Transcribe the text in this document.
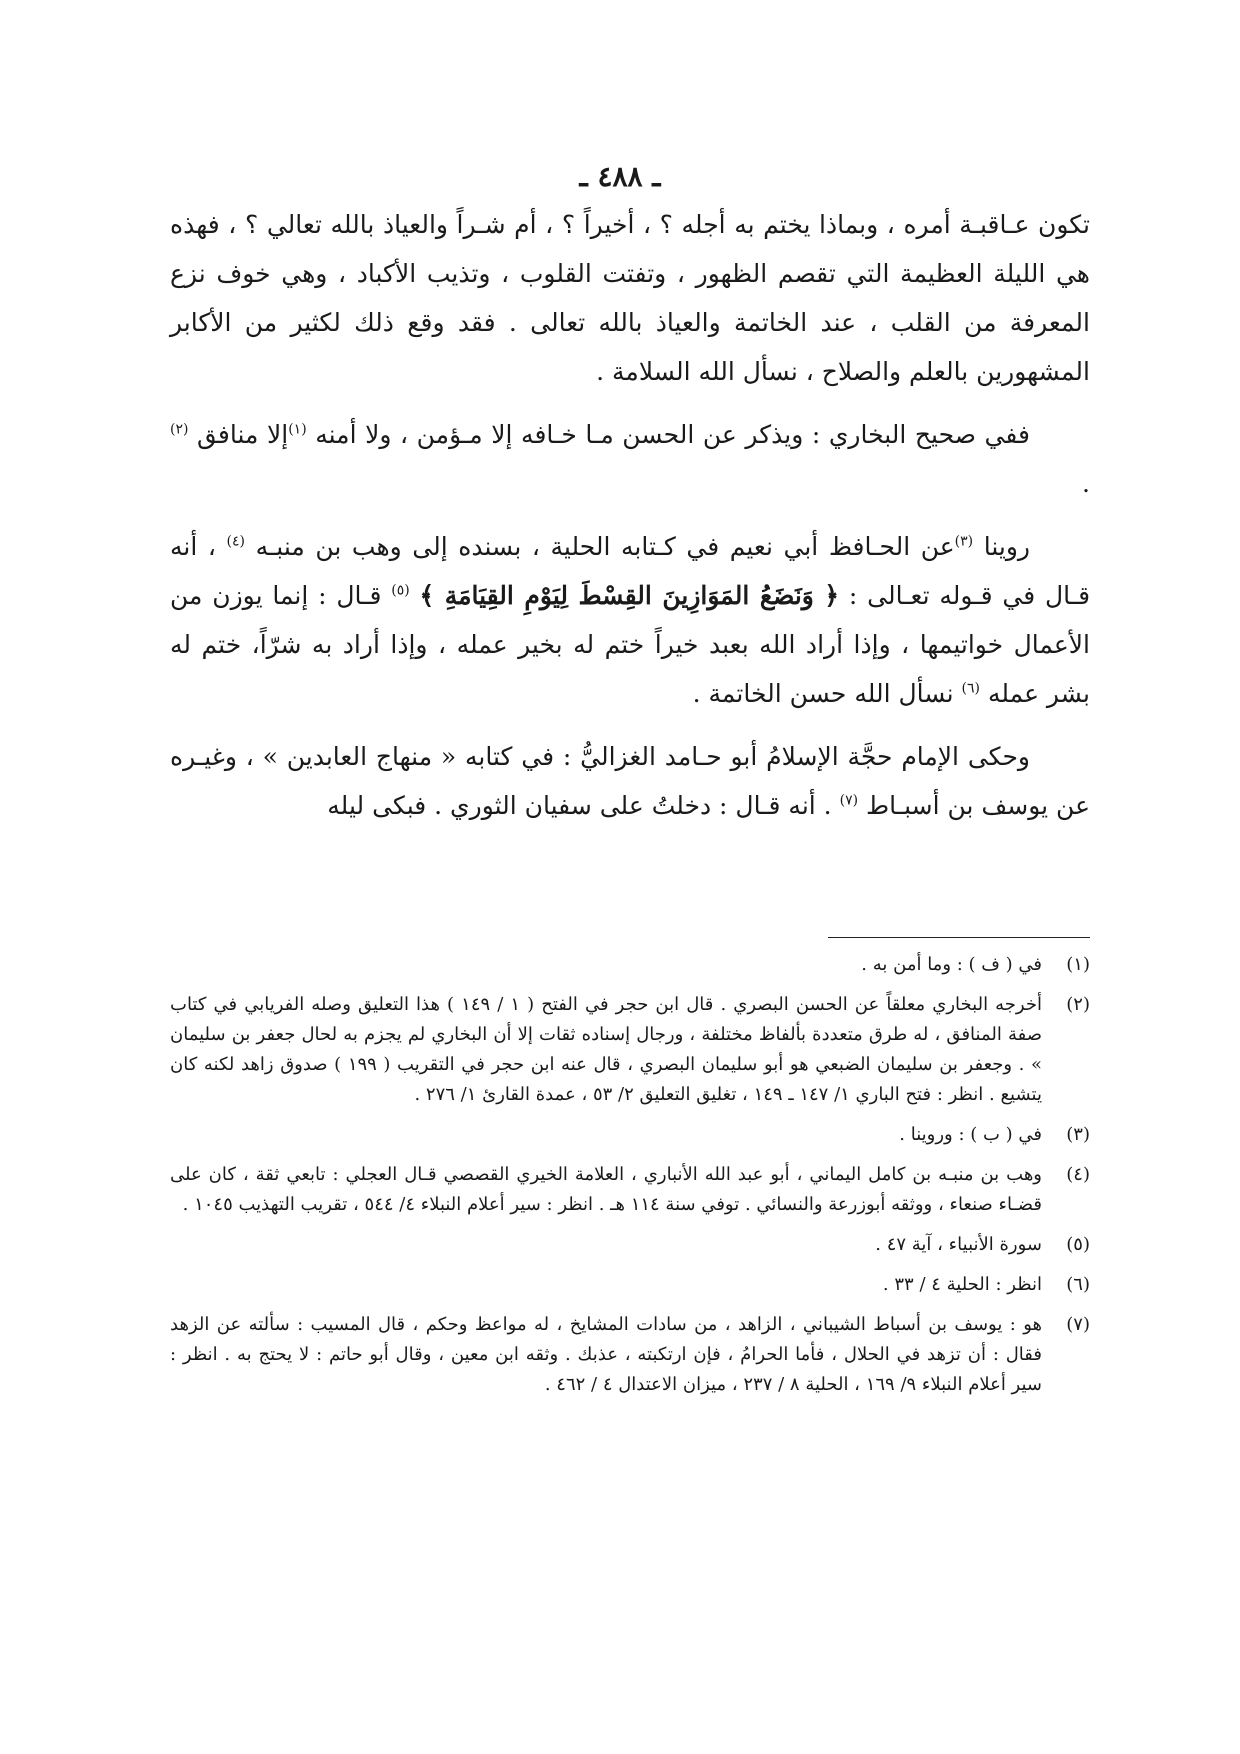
ـ ٤٨٨ ـ

تكون عـاقبـة أمره ، وبماذا يختم به أجله ؟ ، أخيراً ؟ ، أم شـراً والعياذ بالله تعالي ؟ ، فهذه هي الليلة العظيمة التي تقصم الظهور ، وتفتت القلوب ، وتذيب الأكباد ، وهي خوف نزع المعرفة من القلب ، عند الخاتمة والعياذ بالله تعالى . فقد وقع ذلك لكثير من الأكابر المشهورين بالعلم والصلاح ، نسأل الله السلامة .

ففي صحيح البخاري : ويذكر عن الحسن مـا خـافه إلا مـؤمن ، ولا أمنه $^{(١)}$إلا منافق $^{(٢)}$ .

روينا $^{(٣)}$عن الحـافظ أبي نعيم في كـتابه الحلية ، بسنده إلى وهب بن منبـه $^{(٤)}$ ، أنه قـال في قـوله تعـالى : ﴿ وَنَضَعُ المَوَازِينَ القِسْطَ لِيَوْمِ القِيَامَةِ ﴾ $^{(٥)}$ قـال : إنما يوزن من الأعمال خواتيمها ، وإذا أراد الله بعبد خيراً ختم له بخير عمله ، وإذا أراد به شرّاً، ختم له بشر عمله $^{(٦)}$ نسأل الله حسن الخاتمة .

وحكى الإمام حجَّة الإسلامُ أبو حـامد الغزاليُّ : في كتابه « منهاج العابدين » ، وغيـره عن يوسف بن أسبـاط $^{(٧)}$ . أنه قـال : دخلتُ على سفيان الثوري . فبكى ليله

(١)في ( ف ) : وما أمن به .
(٢)أخرجه البخاري معلقاً عن الحسن البصري . قال ابن حجر في الفتح ( ١ / ١٤٩ ) هذا التعليق وصله الفريابي في كتاب صفة المنافق ، له طرق متعددة بألفاظ مختلفة ، ورجال إسناده ثقات إلا أن البخاري لم يجزم به لحال جعفر بن سليمان » . وجعفر بن سليمان الضبعي هو أبو سليمان البصري ، قال عنه ابن حجر في التقريب ( ١٩٩ ) صدوق زاهد لكنه كان يتشيع . انظر : فتح الباري ١/ ١٤٧ ـ ١٤٩ ، تغليق التعليق ٢/ ٥٣ ، عمدة القارئ ١/ ٢٧٦ .
(٣)في ( ب ) : وروينا .
(٤)وهب بن منبـه بن كامل اليماني ، أبو عبد الله الأنباري ، العلامة الخيري القصصي قـال العجلي : تابعي ثقة ، كان على قضـاء صنعاء ، ووثقه أبوزرعة والنسائي . توفي سنة ١١٤ هـ . انظر : سير أعلام النبلاء ٤/ ٥٤٤ ، تقريب التهذيب ١٠٤٥ .
(٥)سورة الأنبياء ، آية ٤٧ .
(٦)انظر : الحلية ٤ / ٣٣ .
(٧)هو : يوسف بن أسباط الشيباني ، الزاهد ، من سادات المشايخ ، له مواعظ وحكم ، قال المسيب : سألته عن الزهد فقال : أن تزهد في الحلال ، فأما الحرامُ ، فإن ارتكبته ، عذبك . وثقه ابن معين ، وقال أبو حاتم : لا يحتج به . انظر : سير أعلام النبلاء ٩/ ١٦٩ ، الحلية ٨ / ٢٣٧ ، ميزان الاعتدال ٤ / ٤٦٢ .
